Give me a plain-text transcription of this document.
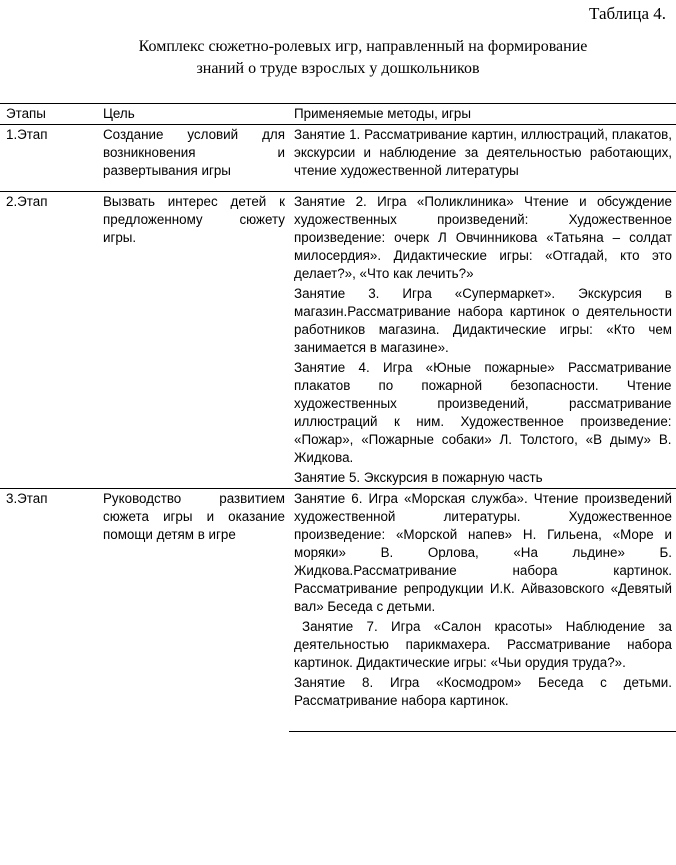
Таблица 4.
Комплекс сюжетно-ролевых игр, направленный на формирование
знаний о труде взрослых у дошкольников
Этапы	Цель	Применяемые методы, игры
1.Этап	Создание условий для возникновения и развертывания игры	Занятие 1. Рассматривание картин, иллюстраций, плакатов, экскурсии и наблюдение за деятельностью работающих, чтение художественной литературы

2.Этап	Вызвать интерес детей к предложенному сюжету игры.	Занятие 2. Игра «Поликлиника» Чтение и обсуждение художественных произведений: Художественное произведение: очерк Л Овчинникова «Татьяна – солдат милосердия». Дидактические игры: «Отгадай, кто это делает?», «Что как лечить?»
		Занятие 3. Игра «Супермаркет». Экскурсия в магазин.Рассматривание набора картинок о деятельности работников магазина. Дидактические игры: «Кто чем занимается в магазине».
		Занятие 4. Игра «Юные пожарные» Рассматривание плакатов по пожарной безопасности. Чтение художественных произведений, рассматривание иллюстраций к ним. Художественное произведение: «Пожар», «Пожарные собаки» Л. Толстого, «В дыму» В. Жидкова.
		Занятие 5. Экскурсия в пожарную часть
3.Этап	Руководство развитием сюжета игры и оказание помощи детям в игре	Занятие 6. Игра «Морская служба». Чтение произведений художественной литературы. Художественное произведение: «Морской напев» Н. Гильена, «Море и моряки» В. Орлова, «На льдине» Б. Жидкова.Рассматривание набора картинок. Рассматривание репродукции И.К. Айвазовского «Девятый вал» Беседа с детьми.
		Занятие 7. Игра «Салон красоты» Наблюдение за деятельностью парикмахера. Рассматривание набора картинок. Дидактические игры: «Чьи орудия труда?».
		Занятие 8. Игра «Космодром» Беседа с детьми. Рассматривание набора картинок.
